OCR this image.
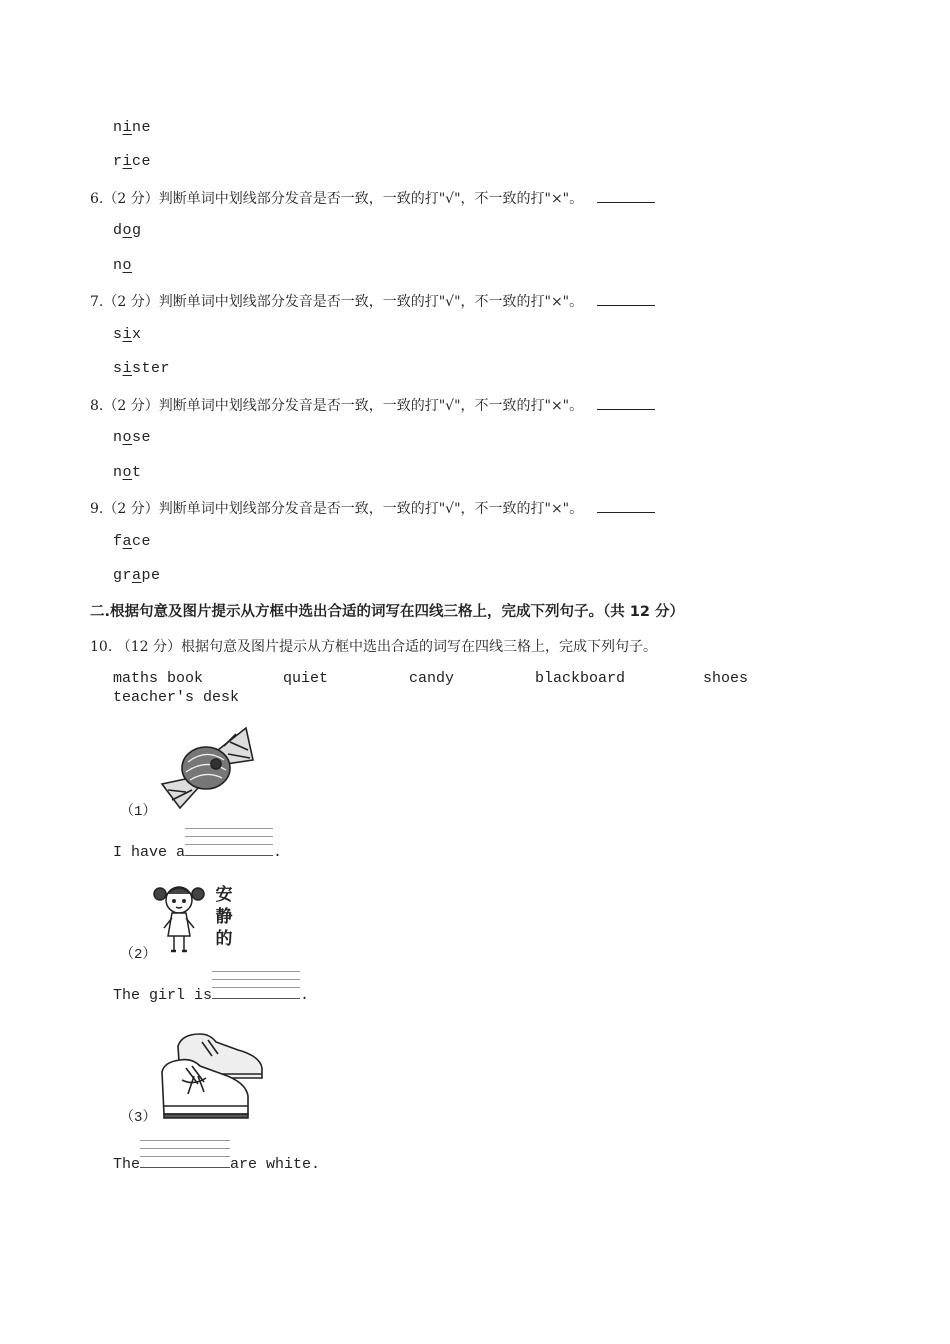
nine
rice
6.（2 分）判断单词中划线部分发音是否一致，一致的打"√"，不一致的打"×"。
dog
no
7.（2 分）判断单词中划线部分发音是否一致，一致的打"√"，不一致的打"×"。
six
sister
8.（2 分）判断单词中划线部分发音是否一致，一致的打"√"，不一致的打"×"。
nose
not
9.（2 分）判断单词中划线部分发音是否一致，一致的打"√"，不一致的打"×"。
face
grape
二.根据句意及图片提示从方框中选出合适的词写在四线三格上，完成下列句子。（共 12 分）
10. （12 分）根据句意及图片提示从方框中选出合适的词写在四线三格上，完成下列句子。
maths book	quiet	candy	blackboard	shoes
teacher's desk
（1）
I have a	.
安
静
的
（2）
The girl is	.
（3）
The	are white.
